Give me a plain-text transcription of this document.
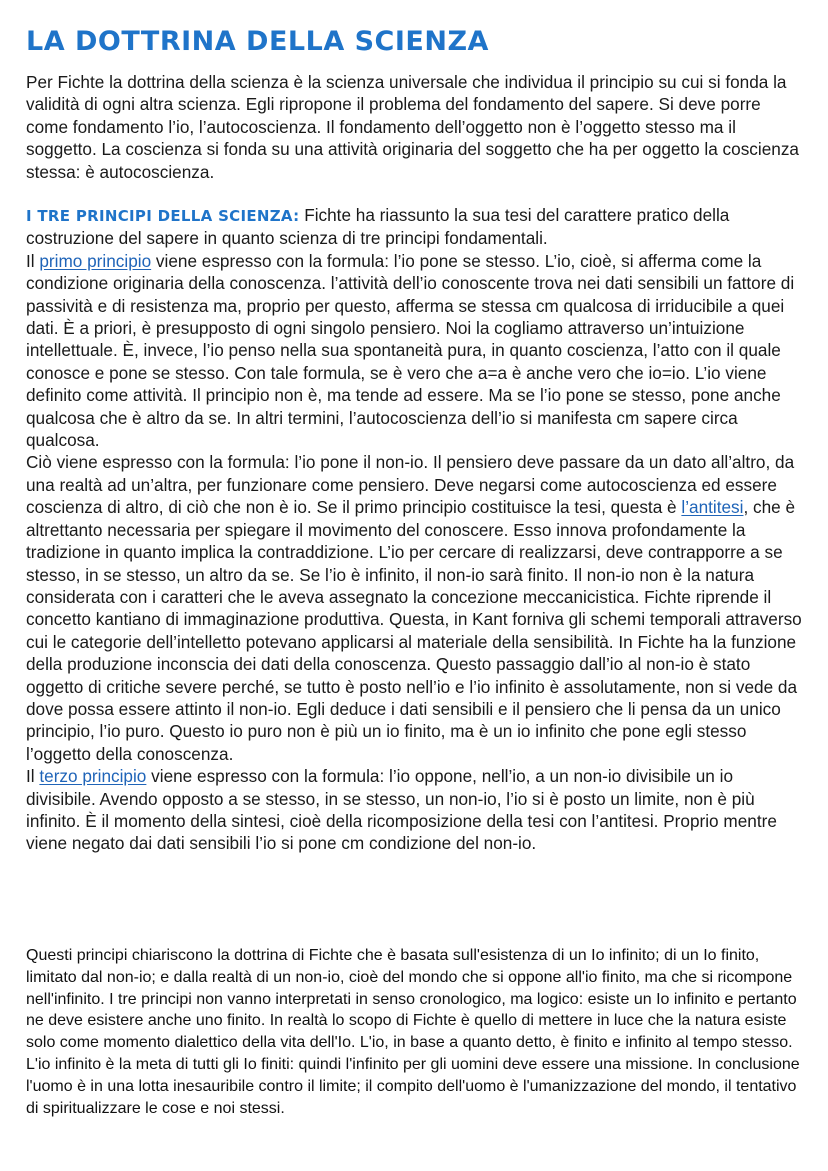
LA DOTTRINA DELLA SCIENZA

Per Fichte la dottrina della scienza è la scienza universale che individua il principio su cui si fonda la validità di ogni altra scienza. Egli ripropone il problema del fondamento del sapere. Si deve porre come fondamento l’io, l’autocoscienza. Il fondamento dell’oggetto non è l’oggetto stesso ma il soggetto. La coscienza si fonda su una attività originaria del soggetto che ha per oggetto la coscienza stessa: è autocoscienza.

I TRE PRINCIPI DELLA SCIENZA: Fichte ha riassunto la sua tesi del carattere pratico della costruzione del sapere in quanto scienza di tre principi fondamentali.

Il primo principio viene espresso con la formula: l’io pone se stesso. L’io, cioè, si afferma come la condizione originaria della conoscenza. l’attività dell’io conoscente trova nei dati sensibili un fattore di passività e di resistenza ma, proprio per questo, afferma se stessa cm qualcosa di irriducibile a quei dati. È a priori, è presupposto di ogni singolo pensiero. Noi la cogliamo attraverso un’intuizione intellettuale. È, invece, l’io penso nella sua spontaneità pura, in quanto coscienza, l’atto con il quale conosce e pone se stesso. Con tale formula, se è vero che a=a è anche vero che io=io. L’io viene definito come attività. Il principio non è, ma tende ad essere. Ma se l’io pone se stesso, pone anche qualcosa che è altro da se. In altri termini, l’autocoscienza dell’io si manifesta cm sapere circa qualcosa.

Ciò viene espresso con la formula: l’io pone il non-io. Il pensiero deve passare da un dato all’altro, da una realtà ad un’altra, per funzionare come pensiero. Deve negarsi come autocoscienza ed essere coscienza di altro, di ciò che non è io. Se il primo principio costituisce la tesi, questa è l’antitesi, che è altrettanto necessaria per spiegare il movimento del conoscere. Esso innova profondamente la tradizione in quanto implica la contraddizione. L’io per cercare di realizzarsi, deve contrapporre a se stesso, in se stesso, un altro da se. Se l’io è infinito, il non-io sarà finito. Il non-io non è la natura considerata con i caratteri che le aveva assegnato la concezione meccanicistica. Fichte riprende il concetto kantiano di immaginazione produttiva. Questa, in Kant forniva gli schemi temporali attraverso cui le categorie dell’intelletto potevano applicarsi al materiale della sensibilità. In Fichte ha la funzione della produzione inconscia dei dati della conoscenza. Questo passaggio dall’io al non-io è stato oggetto di critiche severe perché, se tutto è posto nell’io e l’io infinito è assolutamente, non si vede da dove possa essere attinto il non-io. Egli deduce i dati sensibili e il pensiero che li pensa da un unico principio, l’io puro. Questo io puro non è più un io finito, ma è un io infinito che pone egli stesso l’oggetto della conoscenza.

Il terzo principio viene espresso con la formula: l’io oppone, nell’io, a un non-io divisibile un io divisibile. Avendo opposto a se stesso, in se stesso, un non-io, l’io si è posto un limite, non è più infinito. È il momento della sintesi, cioè della ricomposizione della tesi con l’antitesi. Proprio mentre viene negato dai dati sensibili l’io si pone cm condizione del non-io.

Questi principi chiariscono la dottrina di Fichte che è basata sull'esistenza di un Io infinito; di un Io finito, limitato dal non-io; e dalla realtà di un non-io, cioè del mondo che si oppone all'io finito, ma che si ricompone nell'infinito. I tre principi non vanno interpretati in senso cronologico, ma logico: esiste un Io infinito e pertanto ne deve esistere anche uno finito. In realtà lo scopo di Fichte è quello di mettere in luce che la natura esiste solo come momento dialettico della vita dell'Io. L'io, in base a quanto detto, è finito e infinito al tempo stesso. L'io infinito è la meta di tutti gli Io finiti: quindi l'infinito per gli uomini deve essere una missione. In conclusione l'uomo è in una lotta inesauribile contro il limite; il compito dell'uomo è l'umanizzazione del mondo, il tentativo di spiritualizzare le cose e noi stessi.
